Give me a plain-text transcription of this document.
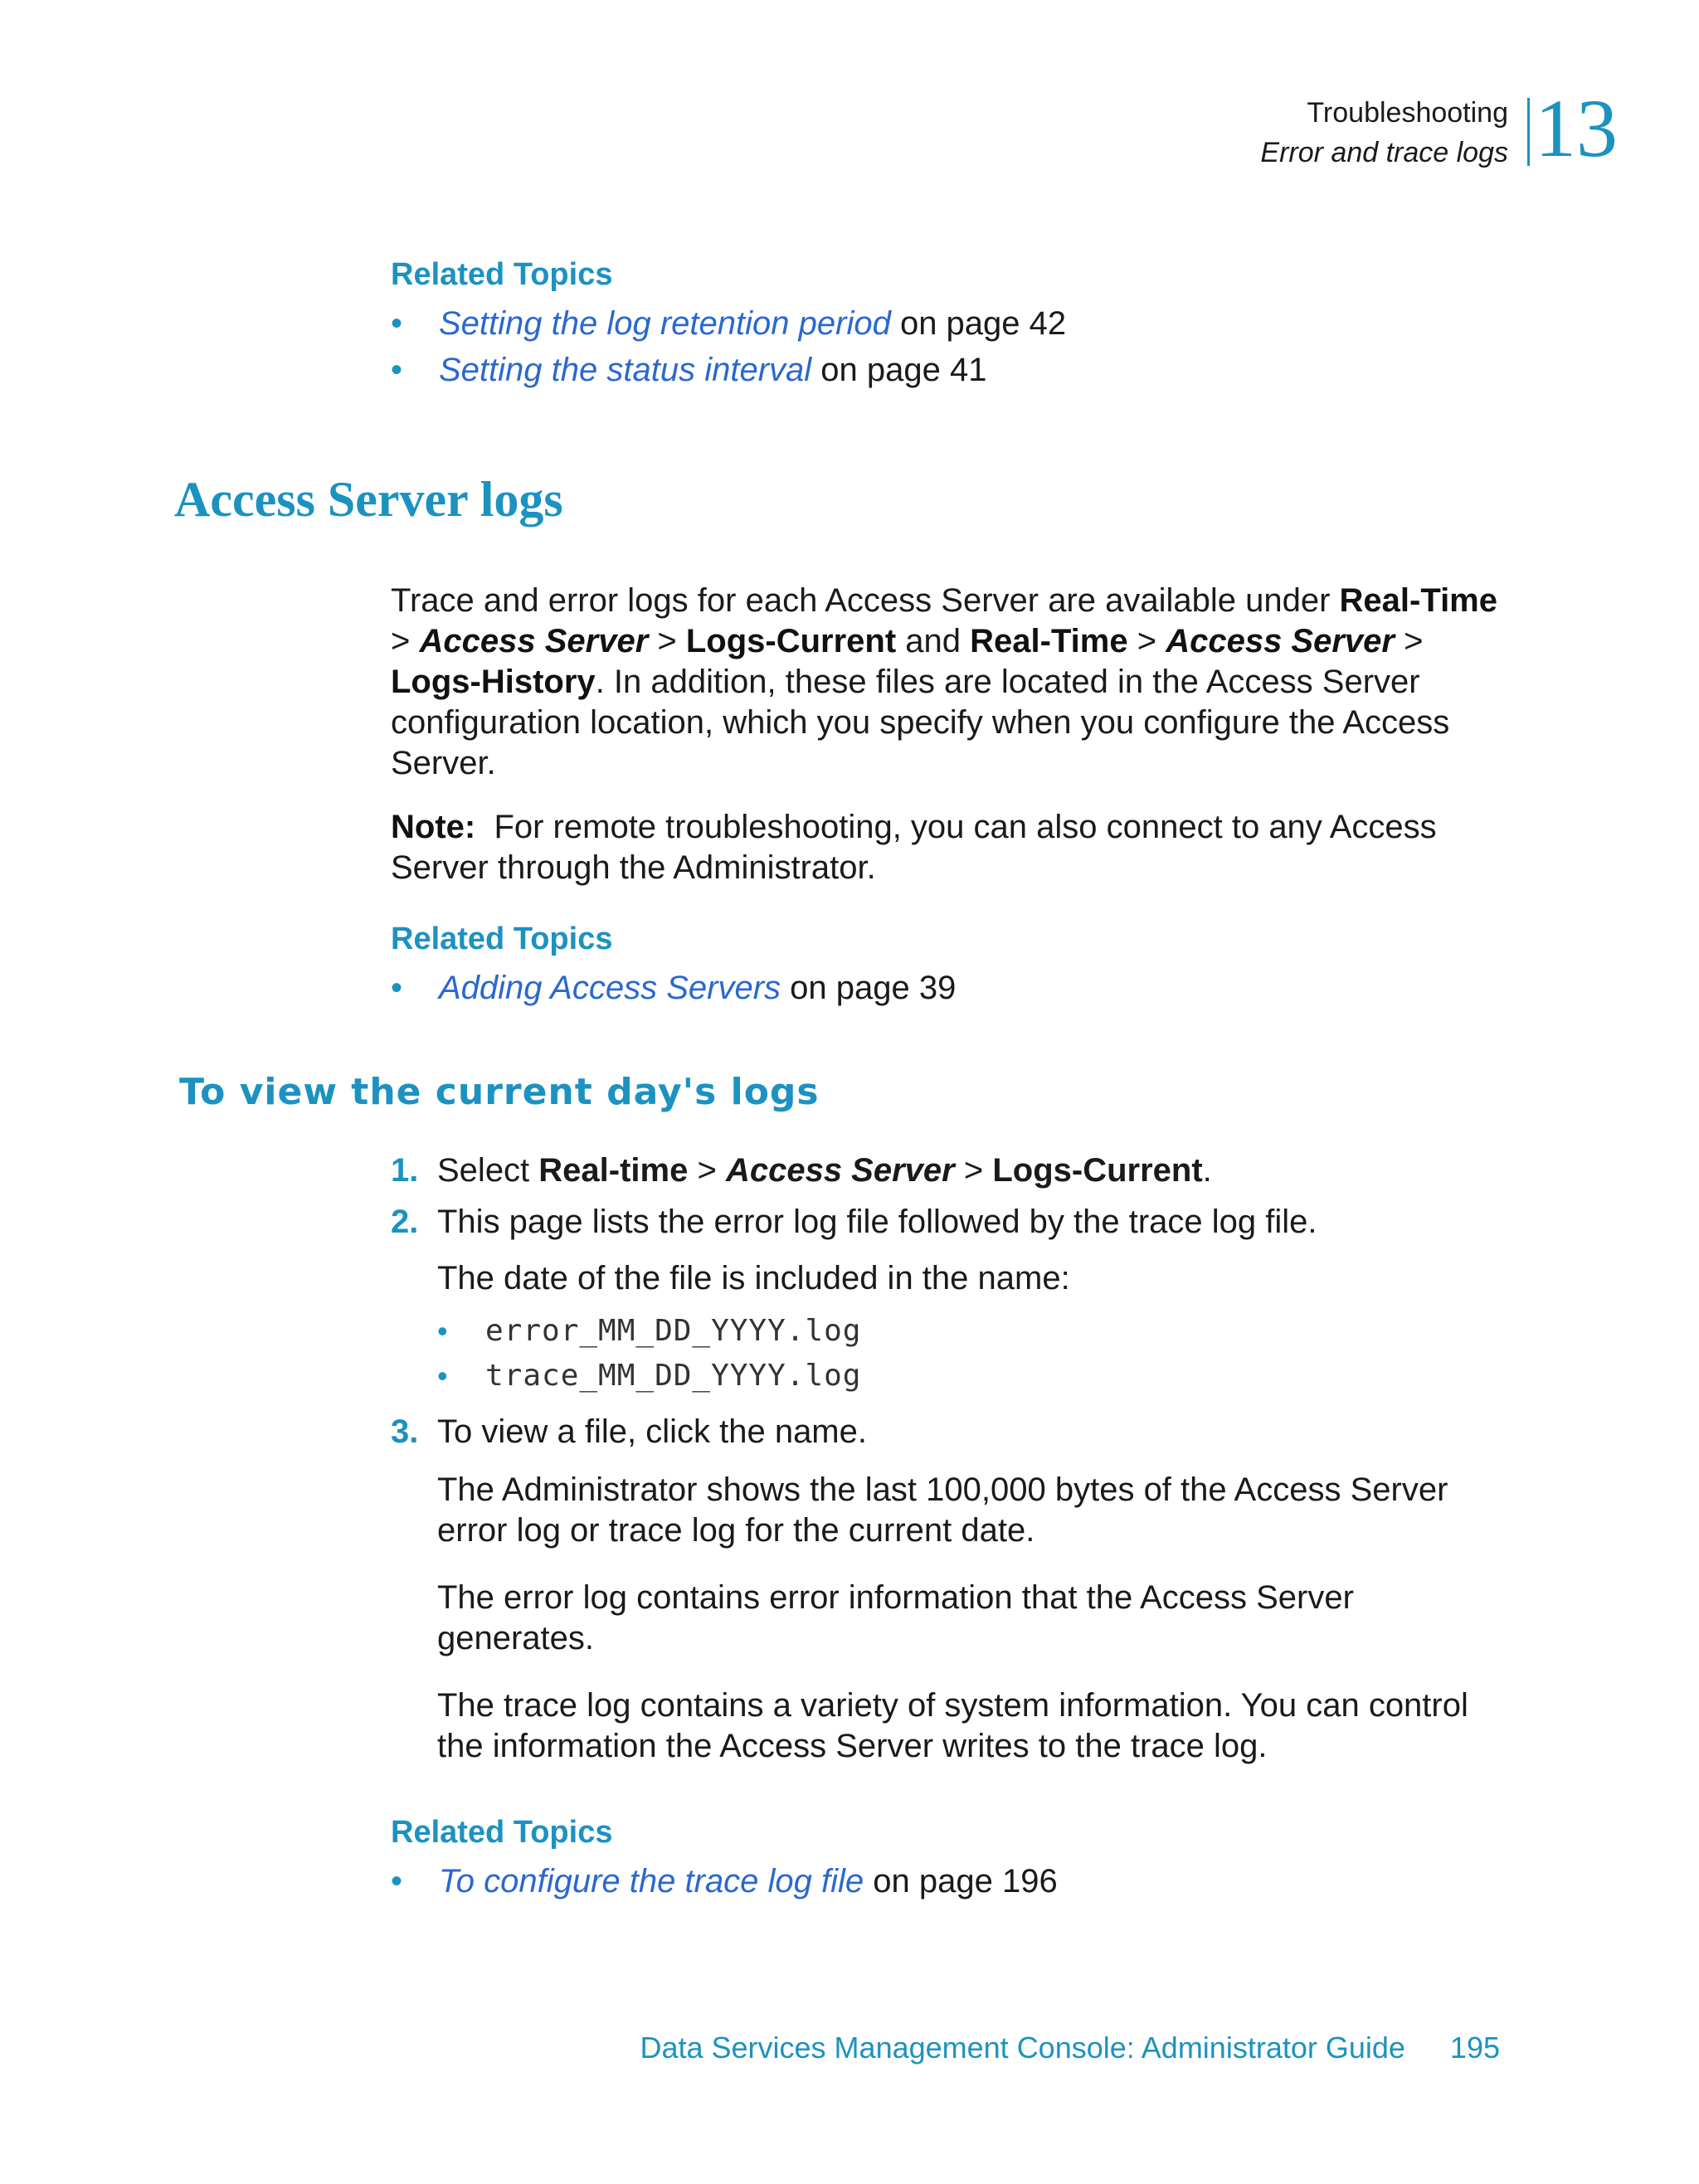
Troubleshooting
Error and trace logs 13
Related Topics
• Setting the log retention period on page 42
• Setting the status interval on page 41
Access Server logs

Trace and error logs for each Access Server are available under Real-Time > Access Server > Logs-Current and Real-Time > Access Server > Logs-History. In addition, these files are located in the Access Server configuration location, which you specify when you configure the Access Server.

Note:  For remote troubleshooting, you can also connect to any Access Server through the Administrator.

Related Topics
• Adding Access Servers on page 39
To view the current day's logs
1. Select Real-time > Access Server > Logs-Current.
2. This page lists the error log file followed by the trace log file.

The date of the file is included in the name:

• error_MM_DD_YYYY.log
• trace_MM_DD_YYYY.log
3. To view a file, click the name.

The Administrator shows the last 100,000 bytes of the Access Server error log or trace log for the current date.

The error log contains error information that the Access Server generates.

The trace log contains a variety of system information. You can control the information the Access Server writes to the trace log.

Related Topics
• To configure the trace log file on page 196
Data Services Management Console: Administrator Guide 195
